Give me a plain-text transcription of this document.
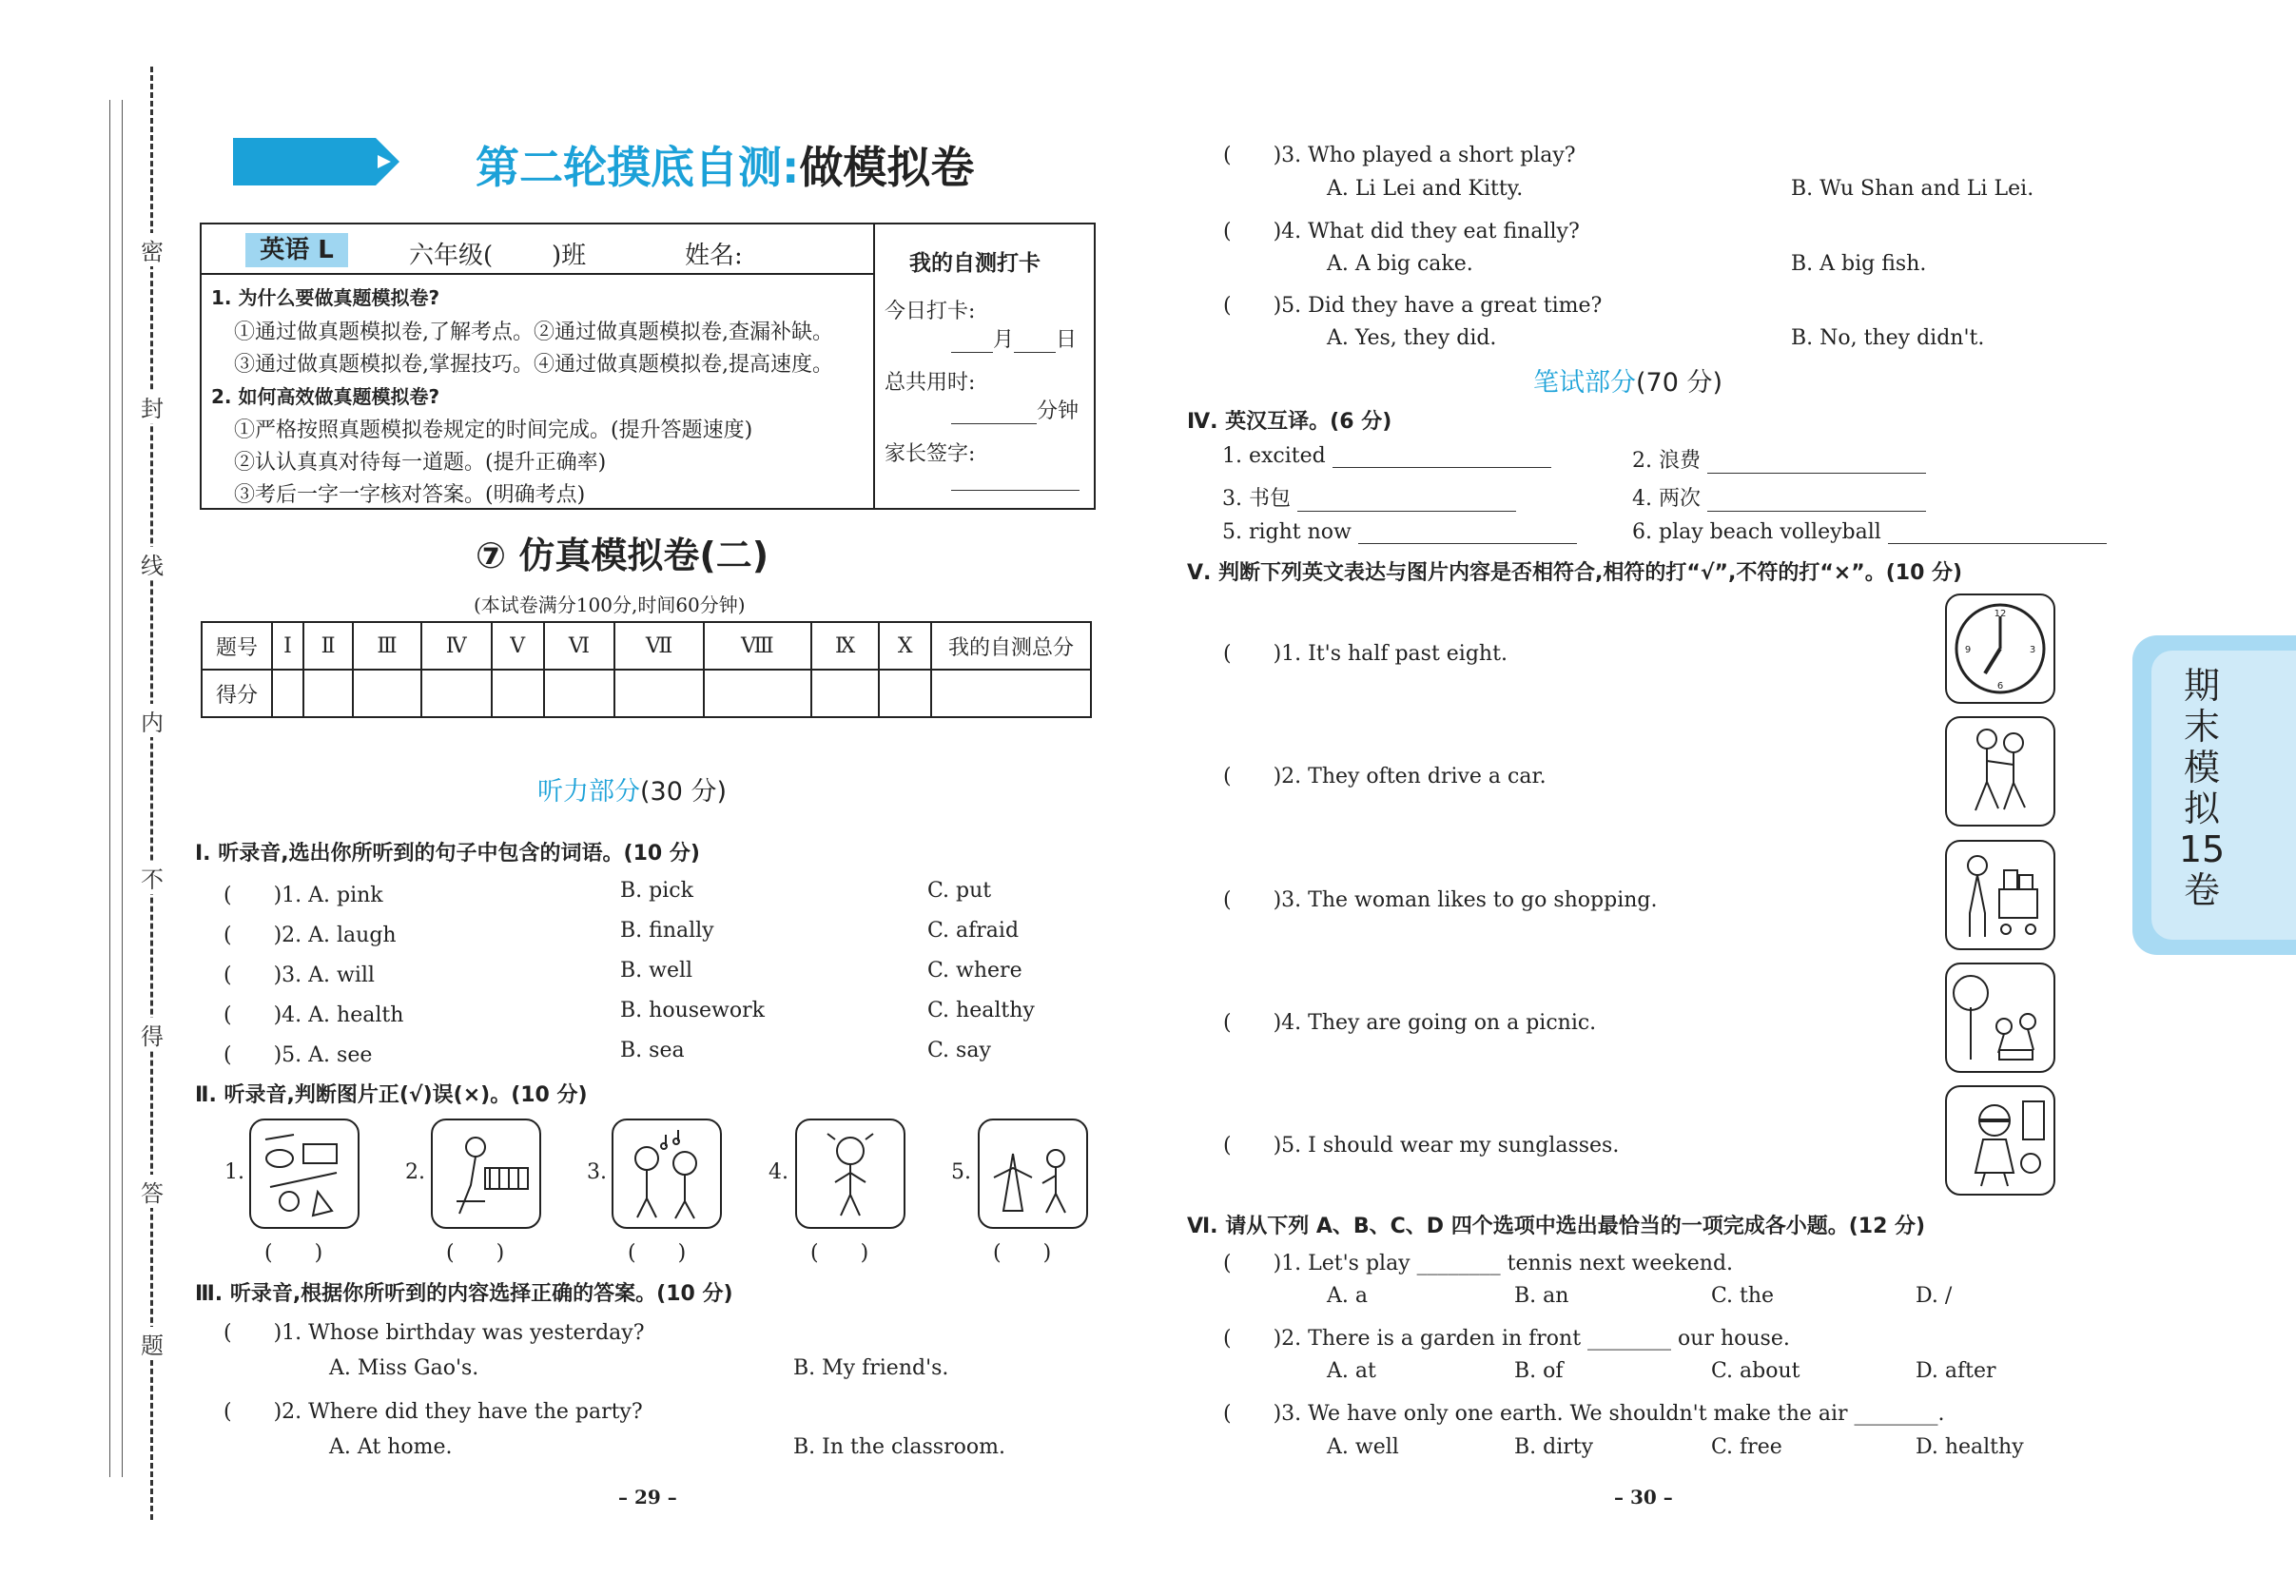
密
封
线
内
不
得
答
题
第二轮摸底自测:做模拟卷
英语 L	六年级( )班	姓名:
1. 为什么要做真题模拟卷?
①通过做真题模拟卷,了解考点。②通过做真题模拟卷,查漏补缺。
③通过做真题模拟卷,掌握技巧。④通过做真题模拟卷,提高速度。
2. 如何高效做真题模拟卷?
①严格按照真题模拟卷规定的时间完成。(提升答题速度)
②认认真真对待每一道题。(提升正确率)
③考后一字一字核对答案。(明确考点)
我的自测打卡
今日打卡:
月 日
总共用时:
分钟
家长签字:
⑦ 仿真模拟卷(二)
(本试卷满分100分,时间60分钟)
题号	Ⅰ	Ⅱ	Ⅲ	Ⅳ	Ⅴ	Ⅵ	Ⅶ	Ⅷ	Ⅸ	Ⅹ	我的自测总分
得分											
听力部分(30 分)
Ⅰ. 听录音,选出你所听到的句子中包含的词语。(10 分)
(　　)1. A. pink	B. pick	C. put
(　　)2. A. laugh	B. finally	C. afraid
(　　)3. A. will	B. well	C. where
(　　)4. A. health	B. housework	C. healthy
(　　)5. A. see	B. sea	C. say
Ⅱ. 听录音,判断图片正(√)误(×)。(10 分)
1.	2.	3.	4.	5.
(　　)	(　　)	(　　)	(　　)	(　　)
Ⅲ. 听录音,根据你所听到的内容选择正确的答案。(10 分)
(　　)1. Whose birthday was yesterday?
A. Miss Gao's.	B. My friend's.
(　　)2. Where did they have the party?
A. At home.	B. In the classroom.
– 29 –
(　　)3. Who played a short play?
A. Li Lei and Kitty.	B. Wu Shan and Li Lei.
(　　)4. What did they eat finally?
A. A big cake.	B. A big fish.
(　　)5. Did they have a great time?
A. Yes, they did.	B. No, they didn't.
笔试部分(70 分)
Ⅳ. 英汉互译。(6 分)
1. excited	2. 浪费
3. 书包	4. 两次
5. right now	6. play beach volleyball
Ⅴ. 判断下列英文表达与图片内容是否相符合,相符的打“√”,不符的打“×”。(10 分)
(　　)1. It's half past eight.
12
3
6
9
(　　)2. They often drive a car.
(　　)3. The woman likes to go shopping.
(　　)4. They are going on a picnic.
(　　)5. I should wear my sunglasses.
Ⅵ. 请从下列 A、B、C、D 四个选项中选出最恰当的一项完成各小题。(12 分)
(　　)1. Let's play ________ tennis next weekend.
A. a	B. an	C. the	D. /
(　　)2. There is a garden in front ________ our house.
A. at	B. of	C. about	D. after
(　　)3. We have only one earth. We shouldn't make the air ________.
A. well	B. dirty	C. free	D. healthy
– 30 –
期
末
模
拟
15
卷
